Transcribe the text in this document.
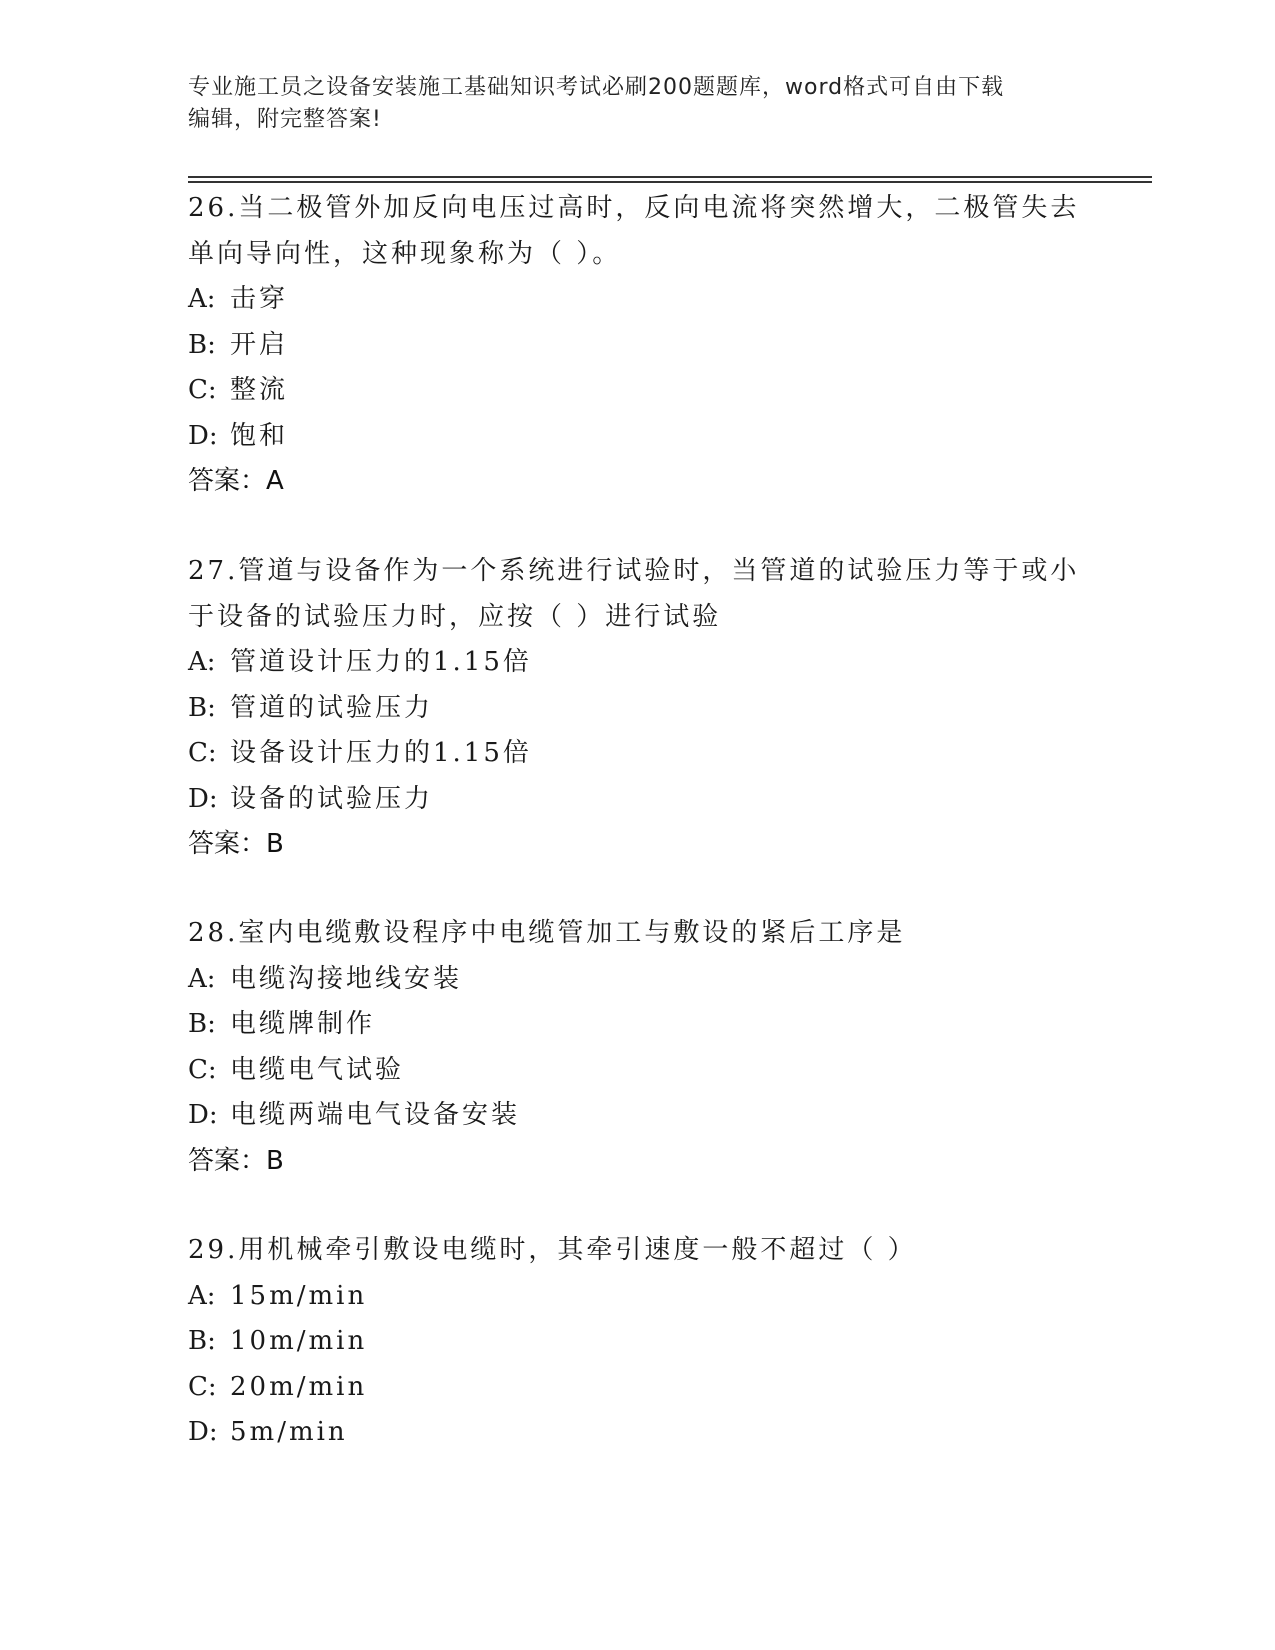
专业施工员之设备安装施工基础知识考试必刷200题题库，word格式可自由下载
编辑，附完整答案!
26.当二极管外加反向电压过高时，反向电流将突然增大，二极管失去
单向导向性，这种现象称为（ ）。
A: 击穿
B: 开启
C: 整流
D: 饱和
答案：A
27.管道与设备作为一个系统进行试验时，当管道的试验压力等于或小
于设备的试验压力时，应按（ ）进行试验
A: 管道设计压力的1.15倍
B: 管道的试验压力
C: 设备设计压力的1.15倍
D: 设备的试验压力
答案：B
28.室内电缆敷设程序中电缆管加工与敷设的紧后工序是
A: 电缆沟接地线安装
B: 电缆牌制作
C: 电缆电气试验
D: 电缆两端电气设备安装
答案：B
29.用机械牵引敷设电缆时，其牵引速度一般不超过（ ）
A: 15m/min
B: 10m/min
C: 20m/min
D: 5m/min
